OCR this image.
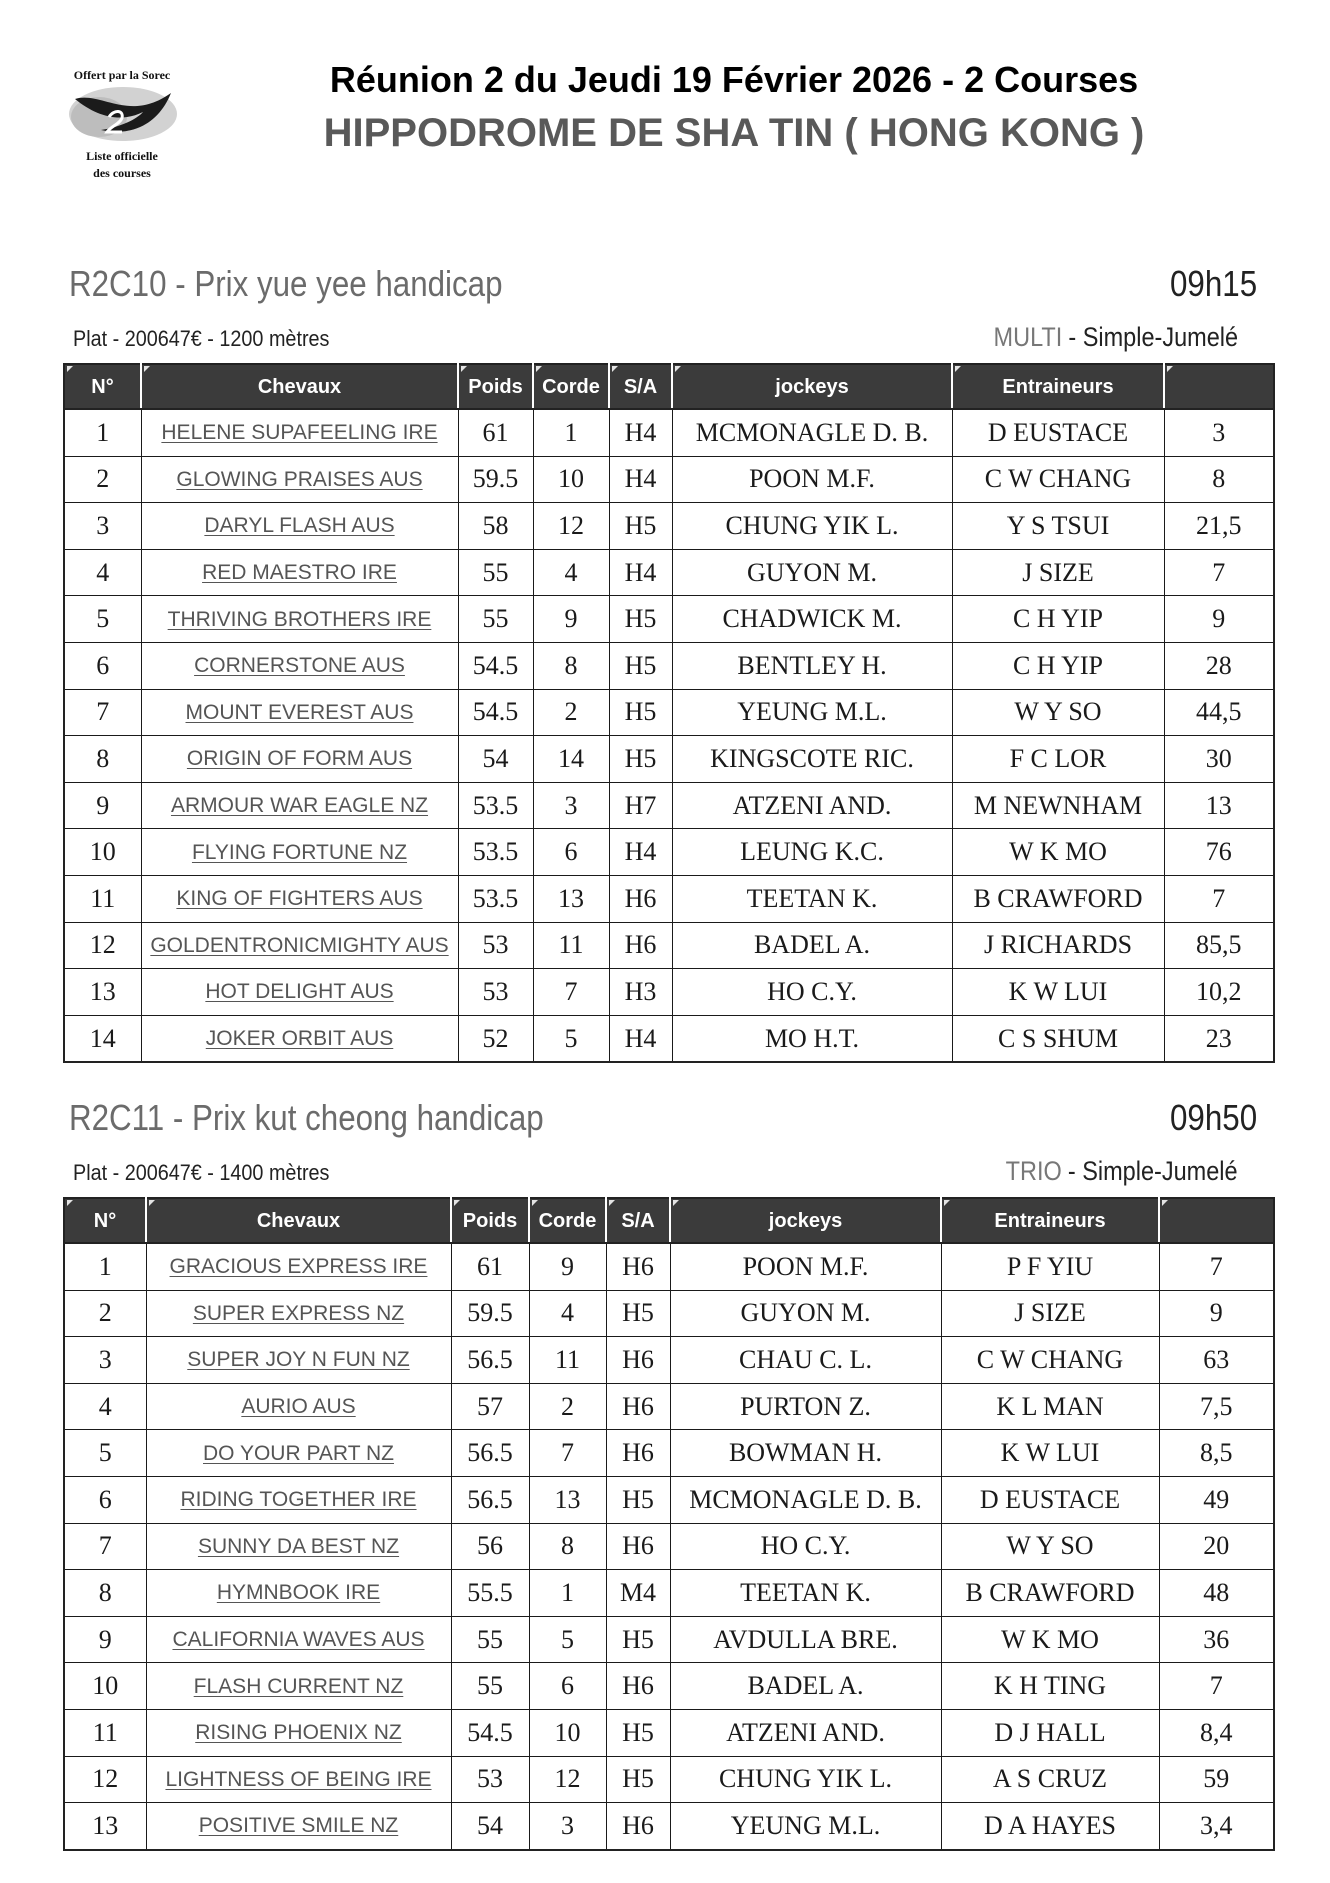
Offert par la Sorec
Liste officielle
des courses
Réunion 2 du Jeudi 19 Février 2026 - 2 Courses
HIPPODROME DE SHA TIN ( HONG KONG )
R2C10 - Prix yue yee handicap	09h15
Plat - 200647€ - 1200 mètres	MULTI - Simple-Jumelé
N°	Chevaux	Poids	Corde	S/A	jockeys	Entraineurs	
1	HELENE SUPAFEELING IRE	61	1	H4	MCMONAGLE D. B.	D EUSTACE	3
2	GLOWING PRAISES AUS	59.5	10	H4	POON M.F.	C W CHANG	8
3	DARYL FLASH AUS	58	12	H5	CHUNG YIK L.	Y S TSUI	21,5
4	RED MAESTRO IRE	55	4	H4	GUYON M.	J SIZE	7
5	THRIVING BROTHERS IRE	55	9	H5	CHADWICK M.	C H YIP	9
6	CORNERSTONE AUS	54.5	8	H5	BENTLEY H.	C H YIP	28
7	MOUNT EVEREST AUS	54.5	2	H5	YEUNG M.L.	W Y SO	44,5
8	ORIGIN OF FORM AUS	54	14	H5	KINGSCOTE RIC.	F C LOR	30
9	ARMOUR WAR EAGLE NZ	53.5	3	H7	ATZENI AND.	M NEWNHAM	13
10	FLYING FORTUNE NZ	53.5	6	H4	LEUNG K.C.	W K MO	76
11	KING OF FIGHTERS AUS	53.5	13	H6	TEETAN K.	B CRAWFORD	7
12	GOLDENTRONICMIGHTY AUS	53	11	H6	BADEL A.	J RICHARDS	85,5
13	HOT DELIGHT AUS	53	7	H3	HO C.Y.	K W LUI	10,2
14	JOKER ORBIT AUS	52	5	H4	MO H.T.	C S SHUM	23
R2C11 - Prix kut cheong handicap	09h50
Plat - 200647€ - 1400 mètres	TRIO - Simple-Jumelé
N°	Chevaux	Poids	Corde	S/A	jockeys	Entraineurs	
1	GRACIOUS EXPRESS IRE	61	9	H6	POON M.F.	P F YIU	7
2	SUPER EXPRESS NZ	59.5	4	H5	GUYON M.	J SIZE	9
3	SUPER JOY N FUN NZ	56.5	11	H6	CHAU C. L.	C W CHANG	63
4	AURIO AUS	57	2	H6	PURTON Z.	K L MAN	7,5
5	DO YOUR PART NZ	56.5	7	H6	BOWMAN H.	K W LUI	8,5
6	RIDING TOGETHER IRE	56.5	13	H5	MCMONAGLE D. B.	D EUSTACE	49
7	SUNNY DA BEST NZ	56	8	H6	HO C.Y.	W Y SO	20
8	HYMNBOOK IRE	55.5	1	M4	TEETAN K.	B CRAWFORD	48
9	CALIFORNIA WAVES AUS	55	5	H5	AVDULLA BRE.	W K MO	36
10	FLASH CURRENT NZ	55	6	H6	BADEL A.	K H TING	7
11	RISING PHOENIX NZ	54.5	10	H5	ATZENI AND.	D J HALL	8,4
12	LIGHTNESS OF BEING IRE	53	12	H5	CHUNG YIK L.	A S CRUZ	59
13	POSITIVE SMILE NZ	54	3	H6	YEUNG M.L.	D A HAYES	3,4
